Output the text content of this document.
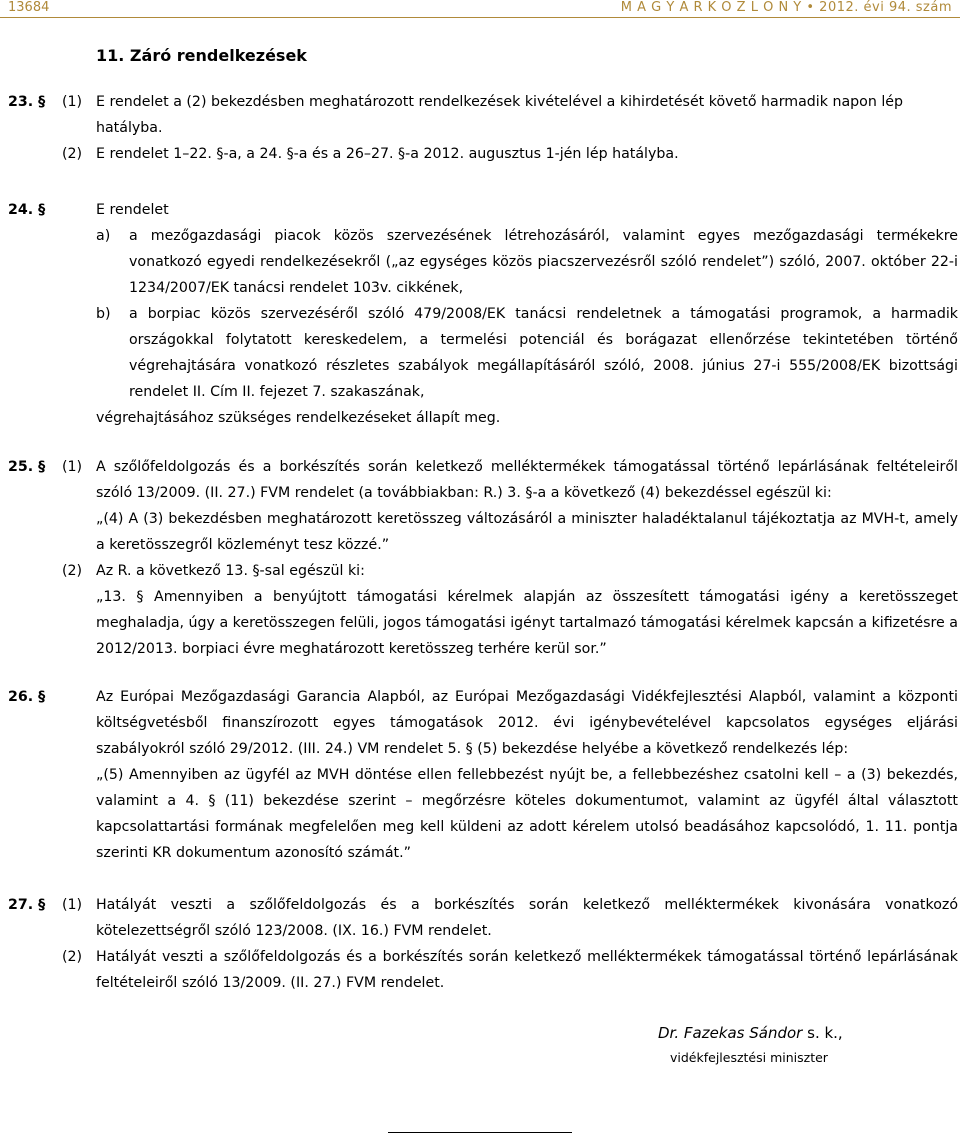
13684	M A G Y A R K Ö Z L Ö N Y • 2012. évi 94. szám
11. Záró rendelkezések
23. § (1) E rendelet a (2) bekezdésben meghatározott rendelkezések kivételével a kihirdetését követő harmadik napon lép hatályba.
(2) E rendelet 1–22. §-a, a 24. §-a és a 26–27. §-a 2012. augusztus 1-jén lép hatályba.
24. §	E rendelet
a) a mezőgazdasági piacok közös szervezésének létrehozásáról, valamint egyes mezőgazdasági termékekre vonatkozó egyedi rendelkezésekről („az egységes közös piacszervezésről szóló rendelet”) szóló, 2007. október 22-i 1234/2007/EK tanácsi rendelet 103v. cikkének,
b) a borpiac közös szervezéséről szóló 479/2008/EK tanácsi rendeletnek a támogatási programok, a harmadik országokkal folytatott kereskedelem, a termelési potenciál és borágazat ellenőrzése tekintetében történő végrehajtására vonatkozó részletes szabályok megállapításáról szóló, 2008. június 27-i 555/2008/EK bizottsági rendelet II. Cím II. fejezet 7. szakaszának,
végrehajtásához szükséges rendelkezéseket állapít meg.
25. § (1) A szőlőfeldolgozás és a borkészítés során keletkező melléktermékek támogatással történő lepárlásának feltételeiről szóló 13/2009. (II. 27.) FVM rendelet (a továbbiakban: R.) 3. §-a a következő (4) bekezdéssel egészül ki:
„(4) A (3) bekezdésben meghatározott keretösszeg változásáról a miniszter haladéktalanul tájékoztatja az MVH-t, amely a keretösszegről közleményt tesz közzé.”
(2) Az R. a következő 13. §-sal egészül ki:
„13. § Amennyiben a benyújtott támogatási kérelmek alapján az összesített támogatási igény a keretösszeget meghaladja, úgy a keretösszegen felüli, jogos támogatási igényt tartalmazó támogatási kérelmek kapcsán a kifizetésre a 2012/2013. borpiaci évre meghatározott keretösszeg terhére kerül sor.”
26. §	Az Európai Mezőgazdasági Garancia Alapból, az Európai Mezőgazdasági Vidékfejlesztési Alapból, valamint a központi költségvetésből finanszírozott egyes támogatások 2012. évi igénybevételével kapcsolatos egységes eljárási szabályokról szóló 29/2012. (III. 24.) VM rendelet 5. § (5) bekezdése helyébe a következő rendelkezés lép:
„(5) Amennyiben az ügyfél az MVH döntése ellen fellebbezést nyújt be, a fellebbezéshez csatolni kell – a (3) bekezdés, valamint a 4. § (11) bekezdése szerint – megőrzésre köteles dokumentumot, valamint az ügyfél által választott kapcsolattartási formának megfelelően meg kell küldeni az adott kérelem utolsó beadásához kapcsolódó, 1. 11. pontja szerinti KR dokumentum azonosító számát.”
27. § (1) Hatályát veszti a szőlőfeldolgozás és a borkészítés során keletkező melléktermékek kivonására vonatkozó kötelezettségről szóló 123/2008. (IX. 16.) FVM rendelet.
(2) Hatályát veszti a szőlőfeldolgozás és a borkészítés során keletkező melléktermékek támogatással történő lepárlásának feltételeiről szóló 13/2009. (II. 27.) FVM rendelet.
Dr. Fazekas Sándor s. k.,
vidékfejlesztési miniszter
